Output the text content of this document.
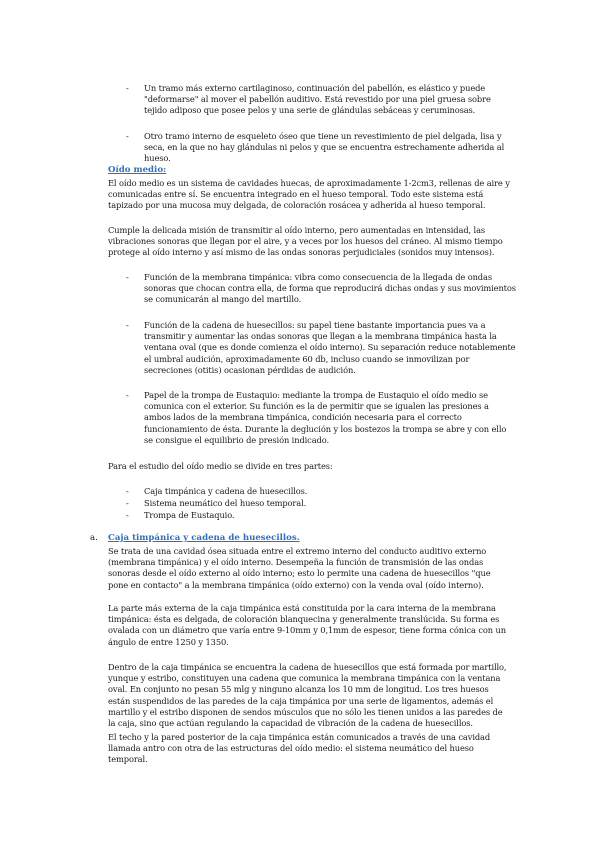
- Un tramo más externo cartilaginoso, continuación del pabellón, es elástico y puede "deformarse" al mover el pabellón auditivo. Está revestido por una piel gruesa sobre tejido adiposo que posee pelos y una serie de glándulas sebáceas y ceruminosas.
- Otro tramo interno de esqueleto óseo que tiene un revestimiento de piel delgada, lisa y seca, en la que no hay glándulas ni pelos y que se encuentra estrechamente adherida al hueso.
Oído medio:
El oído medio es un sistema de cavidades huecas, de aproximadamente 1-2cm3, rellenas de aire y comunicadas entre sí. Se encuentra integrado en el hueso temporal. Todo este sistema está tapizado por una mucosa muy delgada, de coloración rosácea y adherida al hueso temporal.
Cumple la delicada misión de transmitir al oído interno, pero aumentadas en intensidad, las vibraciones sonoras que llegan por el aire, y a veces por los huesos del cráneo. Al mismo tiempo protege al oído interno y así mismo de las ondas sonoras perjudiciales (sonidos muy intensos).
- Función de la membrana timpánica: vibra como consecuencia de la llegada de ondas sonoras que chocan contra ella, de forma que reproducirá dichas ondas y sus movimientos se comunicarán al mango del martillo.
- Función de la cadena de huesecillos: su papel tiene bastante importancia pues va a transmitir y aumentar las ondas sonoras que llegan a la membrana timpánica hasta la ventana oval (que es donde comienza el oído interno). Su separación reduce notablemente el umbral audición, aproximadamente 60 db, incluso cuando se inmovilizan por secreciones (otitis) ocasionan pérdidas de audición.
- Papel de la trompa de Eustaquio: mediante la trompa de Eustaquio el oído medio se comunica con el exterior. Su función es la de permitir que se igualen las presiones a ambos lados de la membrana timpánica, condición necesaria para el correcto funcionamiento de ésta. Durante la deglución y los bostezos la trompa se abre y con ello se consigue el equilibrio de presión indicado.
Para el estudio del oído medio se divide en tres partes:
- Caja timpánica y cadena de huesecillos.
- Sistema neumático del hueso temporal.
- Trompa de Eustaquio.
a. Caja timpánica y cadena de huesecillos.
Se trata de una cavidad ósea situada entre el extremo interno del conducto auditivo externo (membrana timpánica) y el oído interno. Desempeña la función de transmisión de las ondas sonoras desde el oído externo al oído interno; esto lo permite una cadena de huesecillos "que pone en contacto" a la membrana timpánica (oído externo) con la venda oval (oído interno).
La parte más externa de la caja timpánica está constituida por la cara interna de la membrana timpánica: ésta es delgada, de coloración blanquecina y generalmente translúcida. Su forma es ovalada con un diámetro que varía entre 9-10mm y 0,1mm de espesor, tiene forma cónica con un ángulo de entre 1250 y 1350.
Dentro de la caja timpánica se encuentra la cadena de huesecillos que está formada por martillo, yunque y estribo, constituyen una cadena que comunica la membrana timpánica con la ventana oval. En conjunto no pesan 55 mlg y ninguno alcanza los 10 mm de longitud. Los tres huesos están suspendidos de las paredes de la caja timpánica por una serie de ligamentos, además el martillo y el estribo disponen de sendos músculos que no sólo les tienen unidos a las paredes de la caja, sino que actúan regulando la capacidad de vibración de la cadena de huesecillos.
El techo y la pared posterior de la caja timpánica están comunicados a través de una cavidad llamada antro con otra de las estructuras del oído medio: el sistema neumático del hueso temporal.
